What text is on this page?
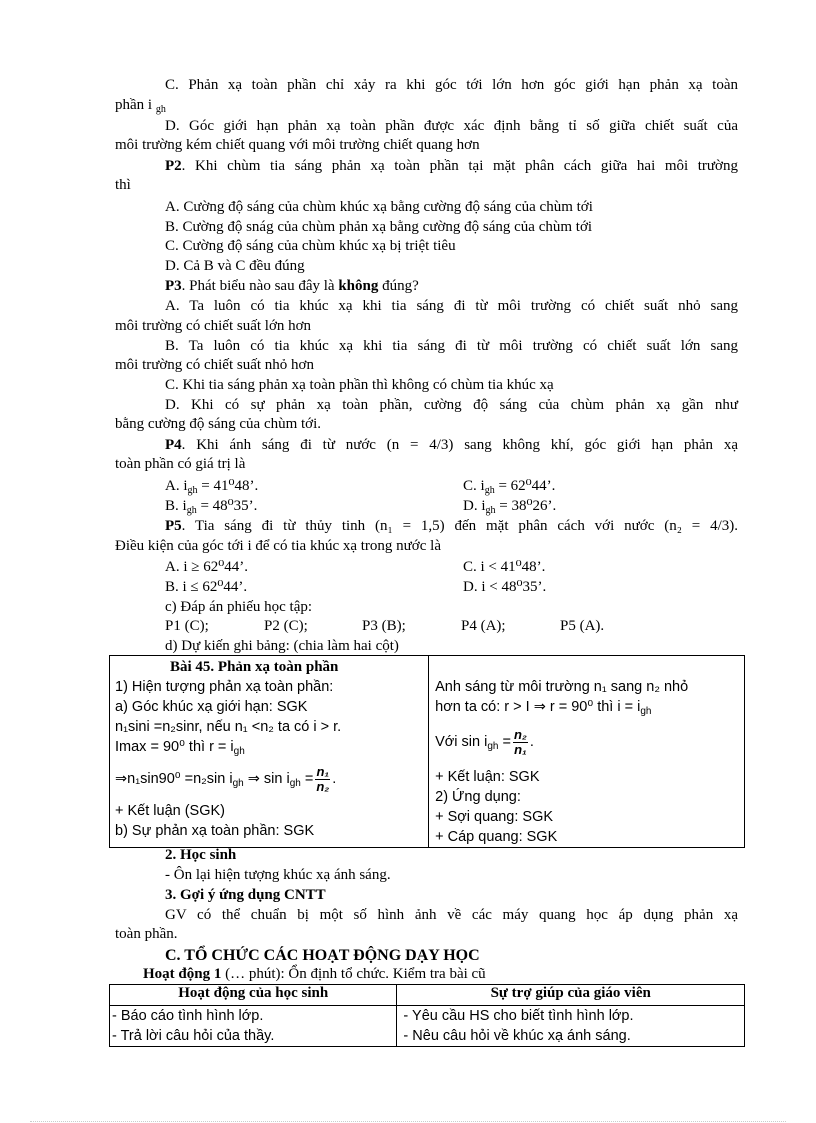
C. Phản xạ toàn phần chỉ xảy ra khi góc tới lớn hơn góc giới hạn phản xạ toàn
phần i $_{gh}$
D. Góc giới hạn phản xạ toàn phần được xác định bằng tỉ số giữa chiết suất của
môi trường kém chiết quang với môi trường chiết quang hơn
P2. Khi chùm tia sáng phản xạ toàn phần tại mặt phân cách giữa hai môi trường
thì
A. Cường độ sáng của chùm khúc xạ bằng cường độ sáng của chùm tới
B. Cường độ snág của chùm phản xạ bằng cường độ sáng của chùm tới
C. Cường độ sáng của chùm khúc xạ bị triệt tiêu
D. Cả B và C đều đúng
P3. Phát biểu nào sau đây là không đúng?
A. Ta luôn có tia khúc xạ khi tia sáng đi từ môi trường có chiết suất nhỏ sang
môi trường có chiết suất lớn hơn
B. Ta luôn có tia khúc xạ khi tia sáng đi từ môi trường có chiết suất lớn sang
môi trường có chiết suất nhỏ hơn
C. Khi tia sáng phản xạ toàn phần thì không có chùm tia khúc xạ
D. Khi có sự phản xạ toàn phần, cường độ sáng của chùm phản xạ gần như
bằng cường độ sáng của chùm tới.
P4. Khi ánh sáng đi từ nước (n = 4/3) sang không khí, góc giới hạn phản xạ
toàn phần có giá trị là
A. $i_{gh} = 41^048$’.	C. $i_{gh} = 62^044$’.
B. $i_{gh} = 48^035$’.	D. $i_{gh} = 38^026$’.
P5. Tia sáng đi từ thủy tinh (n₁ = 1,5) đến mặt phân cách với nước (n₂ = 4/3).
Điều kiện của góc tới i để có tia khúc xạ trong nước là
A. i ≥ 62⁰44’.	C. i < 41⁰48’.
B. i ≤ 62⁰44’.	D. i < 48⁰35’.
c) Đáp án phiếu học tập:
P1 (C);	P2 (C);	P3 (B);	P4 (A);	P5 (A).
d) Dự kiến ghi bảng: (chia làm hai cột)
Bài 45. Phản xạ toàn phần
1) Hiện tượng phản xạ toàn phần:
a) Góc khúc xạ giới hạn: SGK
n₁sini =n₂sinr, nếu n₁ <n₂ ta có i > r.
Imax = 90⁰ thì $r = i_{gh}$
⇒n₁sin90⁰ =n₂sin $i_{gh}$ ⇒ $\sin i_{gh} = \frac{\text{n₁}}{\text{n₂}}$ .
+ Kết luận (SGK)
b) Sự phản xạ toàn phần: SGK

Anh sáng từ môi trường n₁ sang n₂ nhỏ
hơn ta có: r > I ⇒ r = 90⁰ thì $i = i_{gh}$
Với $\sin i_{gh} = \frac{\text{n₂}}{\text{n₁}}$ .
+ Kết luận: SGK
2) Ứng dụng:
+ Sợi quang: SGK
+ Cáp quang: SGK
2. Học sinh
- Ôn lại hiện tượng khúc xạ ánh sáng.
3. Gợi ý ứng dụng CNTT
GV có thể chuẩn bị một số hình ảnh về các máy quang học áp dụng phản xạ
toàn phần.
C. TỔ CHỨC CÁC HOẠT ĐỘNG DẠY HỌC
Hoạt động 1 (… phút): Ổn định tổ chức. Kiểm tra bài cũ
Hoạt động của học sinh	Sự trợ giúp của giáo viên

- Báo cáo tình hình lớp.	- Yêu cầu HS cho biết tình hình lớp.

- Trả lời câu hỏi của thầy.	- Nêu câu hỏi về khúc xạ ánh sáng.
